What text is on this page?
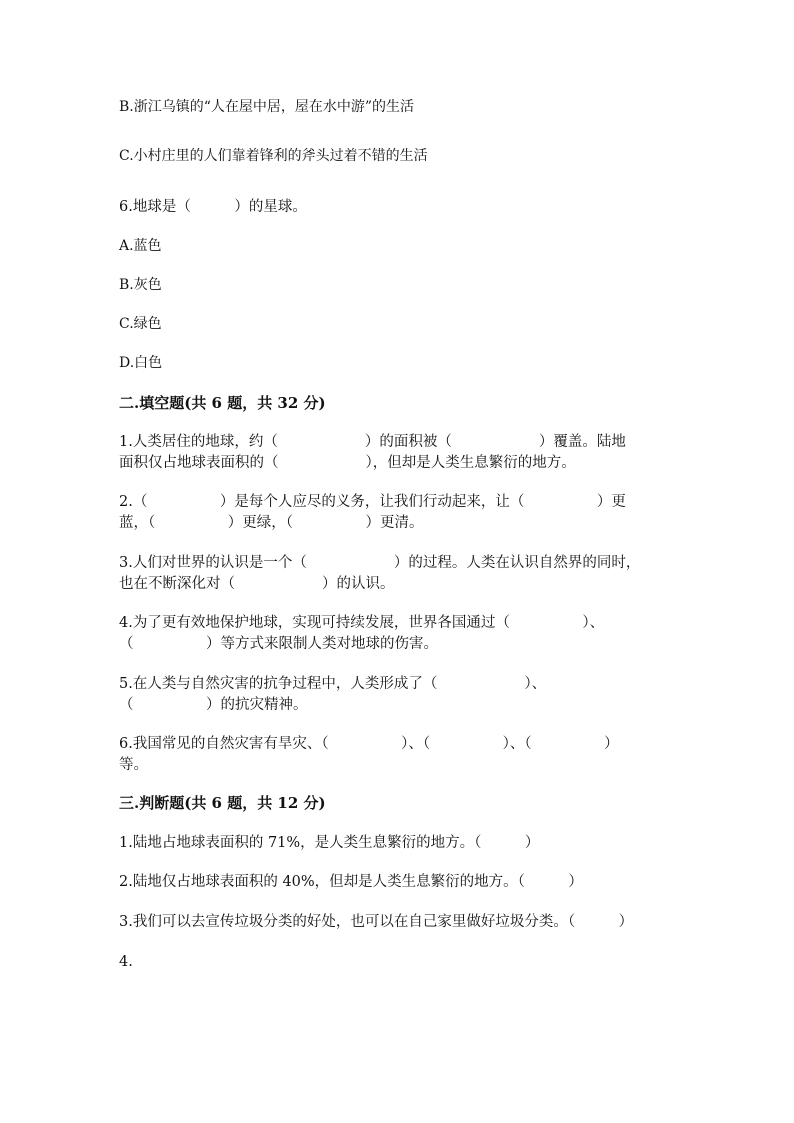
B.浙江乌镇的“人在屋中居，屋在水中游”的生活
C.小村庄里的人们靠着锋利的斧头过着不错的生活
6.地球是（　　　）的星球。
A.蓝色
B.灰色
C.绿色
D.白色
二.填空题(共 6 题，共 32 分)
1.人类居住的地球，约（　　　　　　）的面积被（　　　　　　）覆盖。陆地
面积仅占地球表面积的（　　　　　　），但却是人类生息繁衍的地方。
2.（　　　　　）是每个人应尽的义务，让我们行动起来，让（　　　　　）更
蓝，（　　　　　）更绿，（　　　　　）更清。
3.人们对世界的认识是一个（　　　　　　）的过程。人类在认识自然界的同时，
也在不断深化对（　　　　　　）的认识。
4.为了更有效地保护地球，实现可持续发展，世界各国通过（　　　　　）、
（　　　　　）等方式来限制人类对地球的伤害。
5.在人类与自然灾害的抗争过程中，人类形成了（　　　　　　）、
（　　　　　）的抗灾精神。
6.我国常见的自然灾害有旱灾、（　　　　　）、（　　　　　）、（　　　　　）
等。
三.判断题(共 6 题，共 12 分)
1.陆地占地球表面积的 71%，是人类生息繁衍的地方。（　　　）
2.陆地仅占地球表面积的 40%，但却是人类生息繁衍的地方。（　　　）
3.我们可以去宣传垃圾分类的好处，也可以在自己家里做好垃圾分类。（　　　）
4.
